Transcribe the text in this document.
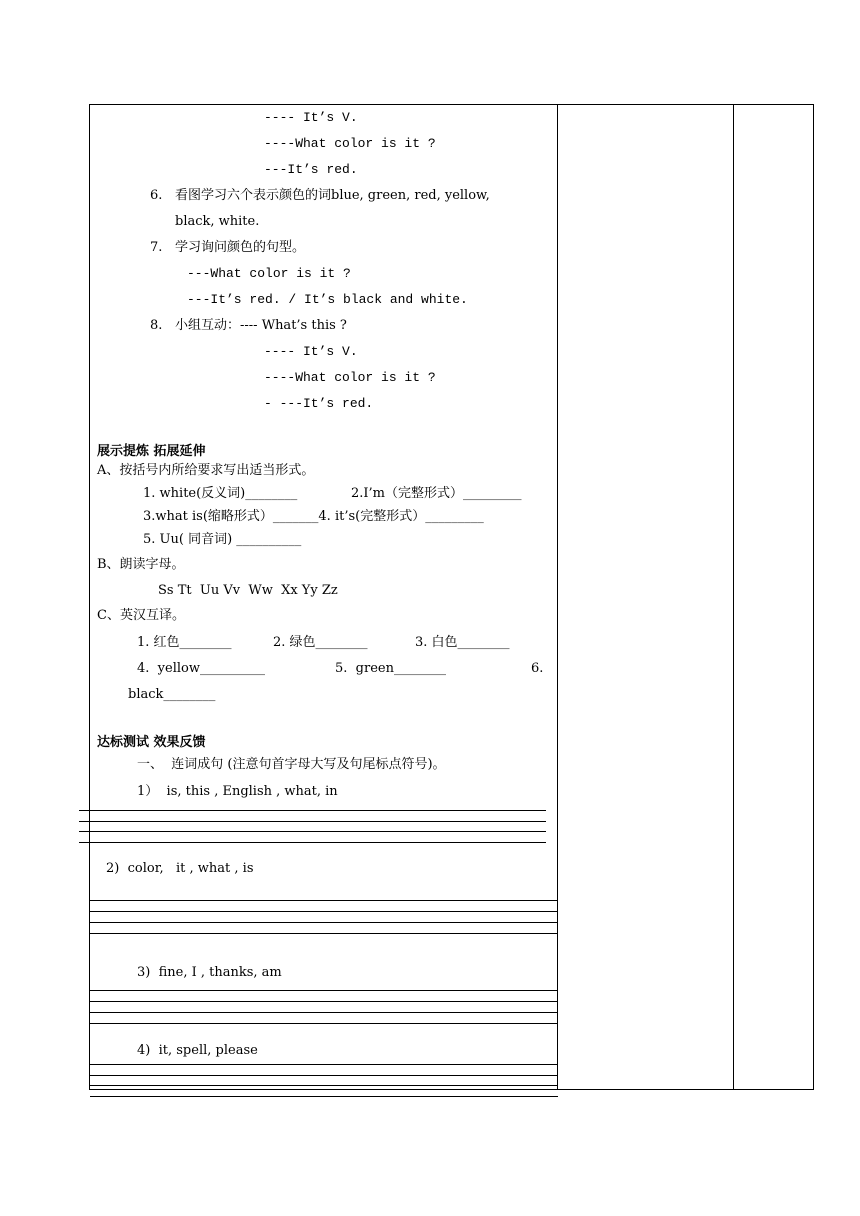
---- It’s V.
----What color is it ?
---It’s red.
6. 看图学习六个表示颜色的词blue, green, red, yellow,
black, white.
7. 学习询问颜色的句型。
---What color is it ?
---It’s red. / It’s black and white.
8. 小组互动：---- What’s this ?
---- It’s V.
----What color is it ?
- ---It’s red.
展示提炼 拓展延伸
A、按括号内所给要求写出适当形式。
1. white(反义词)________	2.I’m（完整形式）_________
3.what is(缩略形式）_______4. it’s(完整形式）_________
5. Uu( 同音词) __________
B、朗读字母。
Ss Tt  Uu Vv  Ww  Xx Yy Zz
C、英汉互译。
1. 红色________	2. 绿色________	3. 白色________
4.  yellow__________	5.  green________	6.
black________
达标测试 效果反馈
一、  连词成句 (注意句首字母大写及句尾标点符号)。
1）  is, this , English , what, in
2)  color,   it , what , is
3)  fine, I , thanks, am
4)  it, spell, please
